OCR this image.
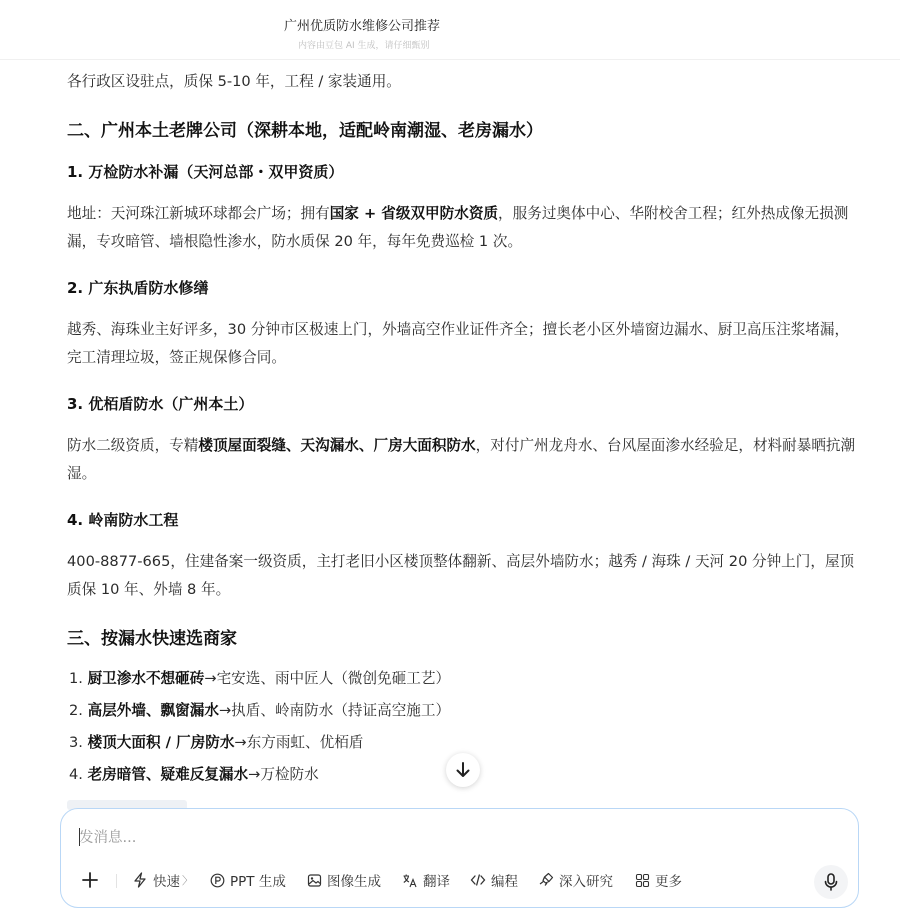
广州优质防水维修公司推荐
内容由豆包 AI 生成，请仔细甄别
各行政区设驻点，质保 5-10 年，工程 / 家装通用。
二、广州本土老牌公司（深耕本地，适配岭南潮湿、老房漏水）
1. 万检防水补漏（天河总部・双甲资质）
地址：天河珠江新城环球都会广场；拥有国家 + 省级双甲防水资质，服务过奥体中心、华附校舍工程；红外热成像无损测漏，专攻暗管、墙根隐性渗水，防水质保 20 年，每年免费巡检 1 次。
2. 广东执盾防水修缮
越秀、海珠业主好评多，30 分钟市区极速上门，外墙高空作业证件齐全；擅长老小区外墙窗边漏水、厨卫高压注浆堵漏，完工清理垃圾，签正规保修合同。
3. 优栢盾防水（广州本土）
防水二级资质，专精楼顶屋面裂缝、天沟漏水、厂房大面积防水，对付广州龙舟水、台风屋面渗水经验足，材料耐暴晒抗潮湿。
4. 岭南防水工程
400-8877-665，住建备案一级资质，主打老旧小区楼顶整体翻新、高层外墙防水；越秀 / 海珠 / 天河 20 分钟上门，屋顶质保 10 年、外墙 8 年。
三、按漏水快速选商家
1. 厨卫渗水不想砸砖→宅安选、雨中匠人（微创免砸工艺）
2. 高层外墙、飘窗漏水→执盾、岭南防水（持证高空施工）
3. 楼顶大面积 / 厂房防水→东方雨虹、优栢盾
4. 老房暗管、疑难反复漏水→万检防水
发消息...
快速 〉	PPT 生成	图像生成	翻译	编程	深入研究	更多
